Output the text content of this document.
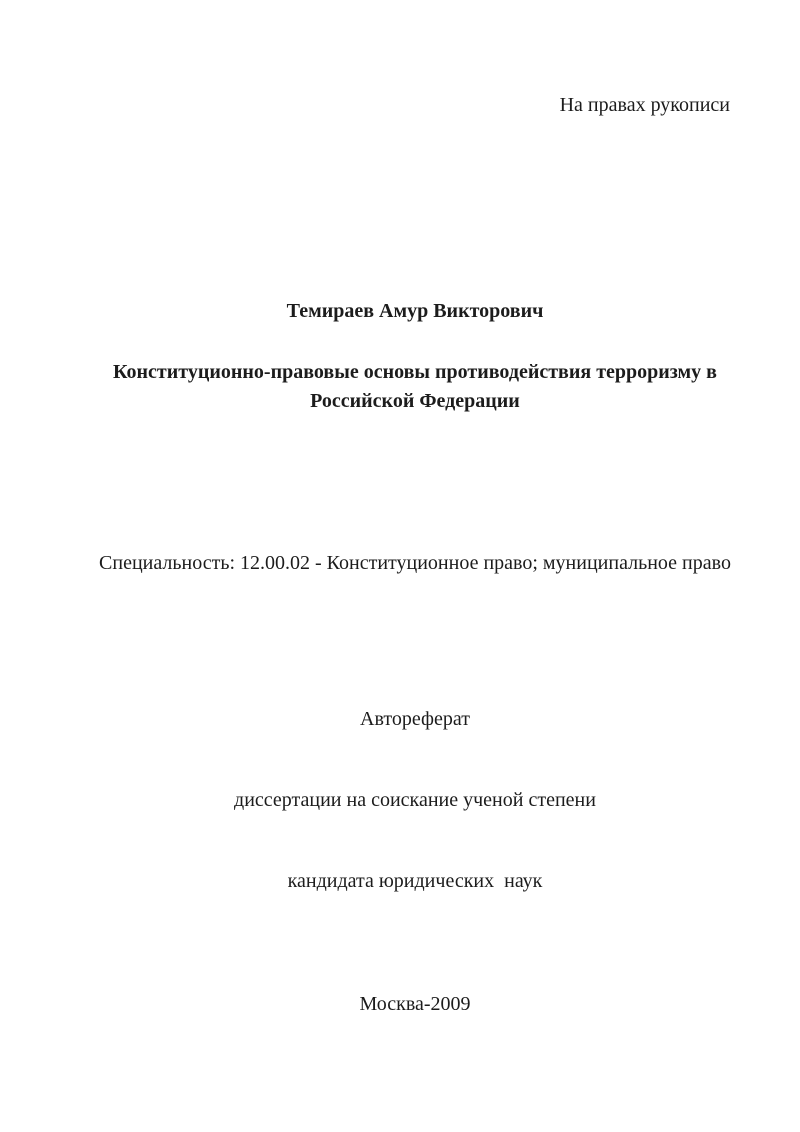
На правах рукописи
Темираев Амур Викторович
Конституционно-правовые основы противодействия терроризму в
Российской Федерации
Специальность: 12.00.02 - Конституционное право; муниципальное право

Автореферат

диссертации на соискание ученой степени

кандидата юридических  наук

Москва-2009
